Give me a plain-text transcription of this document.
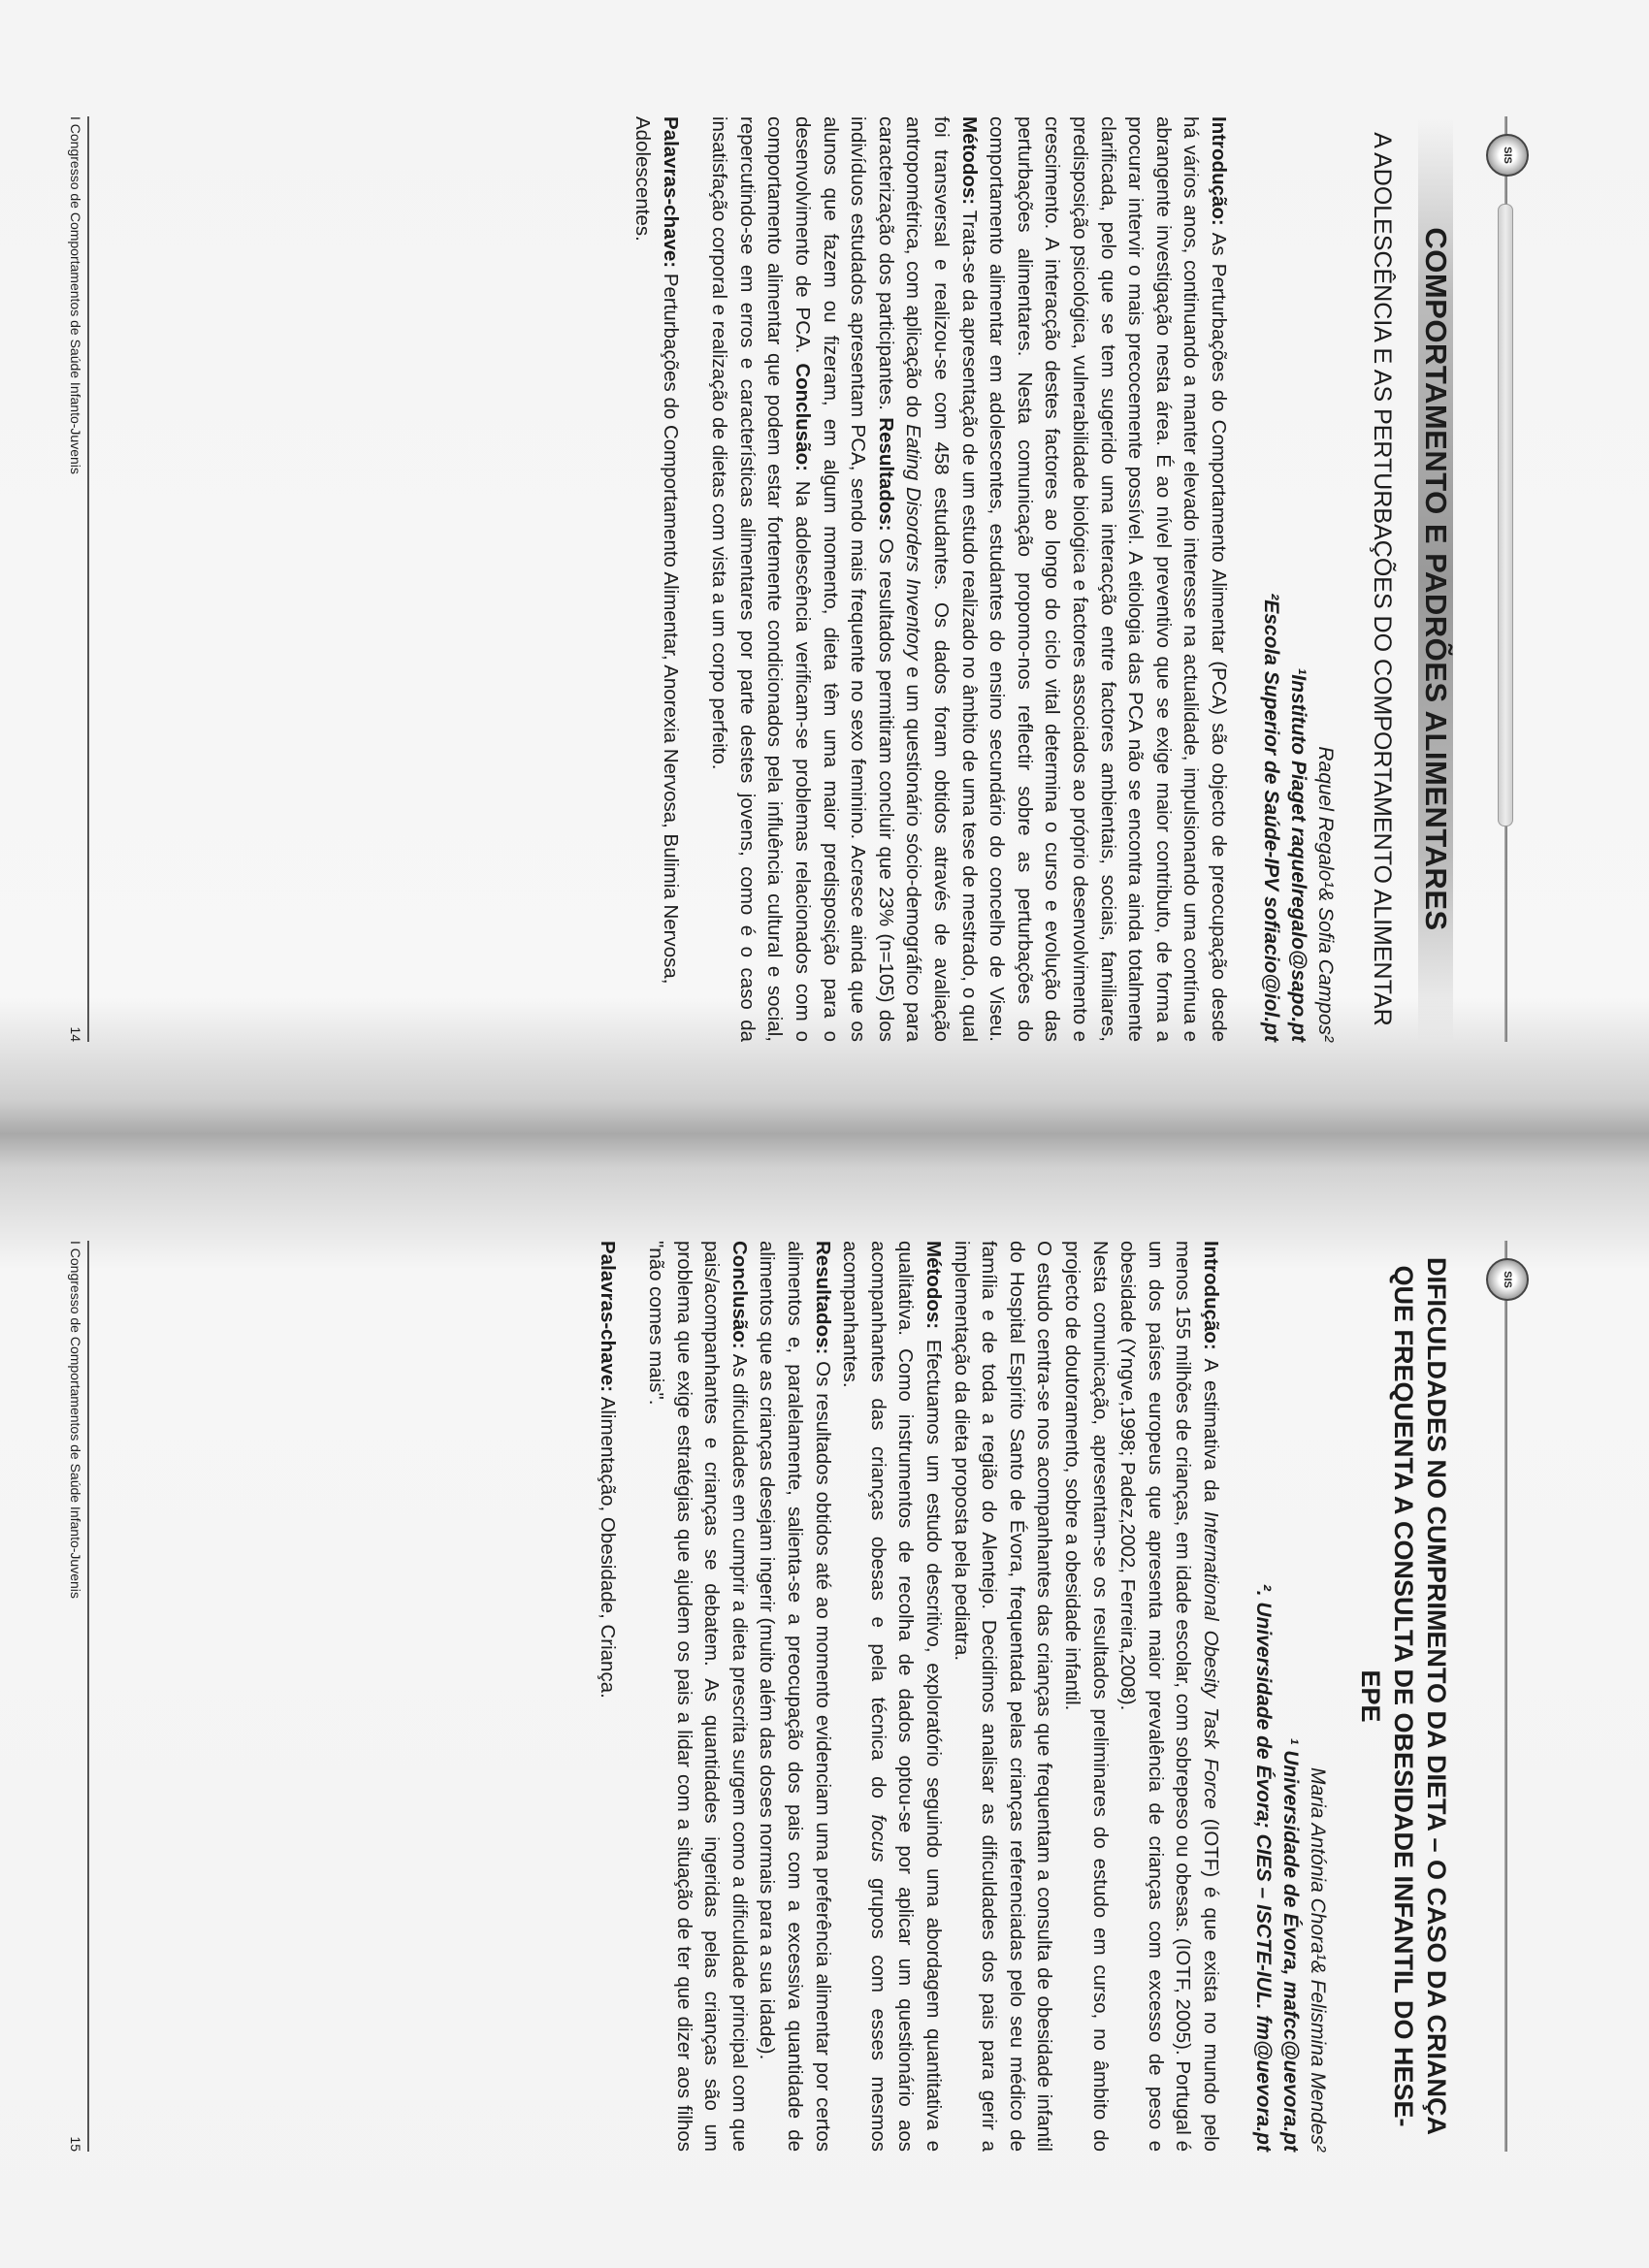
SIS
COMPORTAMENTO E PADRÕES ALIMENTARES
A ADOLESCÊNCIA E AS PERTURBAÇÕES DO COMPORTAMENTO ALIMENTAR
Raquel Regalo¹& Sofia Campos²
¹Instituto Piaget raquelregalo@sapo.pt
²Escola Superior de Saúde-IPV sofiacio@iol.pt

Introdução: As Perturbações do Comportamento Alimentar (PCA) são objecto de preocupação desde há vários anos, continuando a manter elevado interesse na actualidade, impulsionando uma contínua e abrangente investigação nesta área. É ao nível preventivo que se exige maior contributo, de forma a procurar intervir o mais precocemente possível. A etiologia das PCA não se encontra ainda totalmente clarificada, pelo que se tem sugerido uma interacção entre factores ambientais, sociais, familiares, predisposição psicológica, vulnerabilidade biológica e factores associados ao próprio desenvolvimento e crescimento. A interacção destes factores ao longo do ciclo vital determina o curso e evolução das perturbações alimentares. Nesta comunicação propomo-nos reflectir sobre as perturbações do comportamento alimentar em adolescentes, estudantes do ensino secundário do concelho de Viseu. Métodos: Trata-se da apresentação de um estudo realizado no âmbito de uma tese de mestrado, o qual foi transversal e realizou-se com 458 estudantes. Os dados foram obtidos através de avaliação antropométrica, com aplicação do Eating Disorders Inventory e um questionário sócio-demográfico para caracterização dos participantes. Resultados: Os resultados permitiram concluir que 23% (n=105) dos indivíduos estudados apresentam PCA, sendo mais frequente no sexo feminino. Acresce ainda que os alunos que fazem ou fizeram, em algum momento, dieta têm uma maior predisposição para o desenvolvimento de PCA. Conclusão: Na adolescência verificam-se problemas relacionados com o comportamento alimentar que podem estar fortemente condicionados pela influência cultural e social, repercutindo-se em erros e características alimentares por parte destes jovens, como é o caso da insatisfação corporal e realização de dietas com vista a um corpo perfeito.

Palavras-chave: Perturbações do Comportamento Alimentar, Anorexia Nervosa, Bulimia Nervosa, Adolescentes.
I Congresso de Comportamentos de Saúde Infanto-Juvenis
14
SIS
DIFICULDADES NO CUMPRIMENTO DA DIETA – O CASO DA CRIANÇA QUE FREQUENTA A CONSULTA DE OBESIDADE INFANTIL DO HESE-EPE
Maria Antónia Chora¹& Felismina Mendes²
¹ Universidade de Évora, mafcc@uevora.pt
². Universidade de Évora; CIES – ISCTE-IUL. fm@uevora.pt

Introdução: A estimativa da International Obesity Task Force (IOTF) é que exista no mundo pelo menos 155 milhões de crianças, em idade escolar, com sobrepeso ou obesas. (IOTF, 2005). Portugal é um dos países europeus que apresenta maior prevalência de crianças com excesso de peso e obesidade (Yngve,1998; Padez,2002, Ferreira,2008).

Nesta comunicação, apresentam-se os resultados preliminares do estudo em curso, no âmbito do projecto de doutoramento, sobre a obesidade infantil.

O estudo centra-se nos acompanhantes das crianças que frequentam a consulta de obesidade infantil do Hospital Espírito Santo de Évora, frequentada pelas crianças referenciadas pelo seu médico de família e de toda a região do Alentejo. Decidimos analisar as dificuldades dos pais para gerir a implementação da dieta proposta pela pediatra.

Métodos: Efectuamos um estudo descritivo, exploratório seguindo uma abordagem quantitativa e qualitativa. Como instrumentos de recolha de dados optou-se por aplicar um questionário aos acompanhantes das crianças obesas e pela técnica do focus grupos com esses mesmos acompanhantes.

Resultados: Os resultados obtidos até ao momento evidenciam uma preferência alimentar por certos alimentos e, paralelamente, salienta-se a preocupação dos pais com a excessiva quantidade de alimentos que as crianças desejam ingerir (muito além das doses normais para a sua idade).

Conclusão: As dificuldades em cumprir a dieta prescrita surgem como a dificuldade principal com que pais/acompanhantes e crianças se debatem. As quantidades ingeridas pelas crianças são um problema que exige estratégias que ajudem os pais a lidar com a situação de ter que dizer aos filhos "não comes mais".

Palavras-chave: Alimentação, Obesidade, Criança.
I Congresso de Comportamentos de Saúde Infanto-Juvenis
15
